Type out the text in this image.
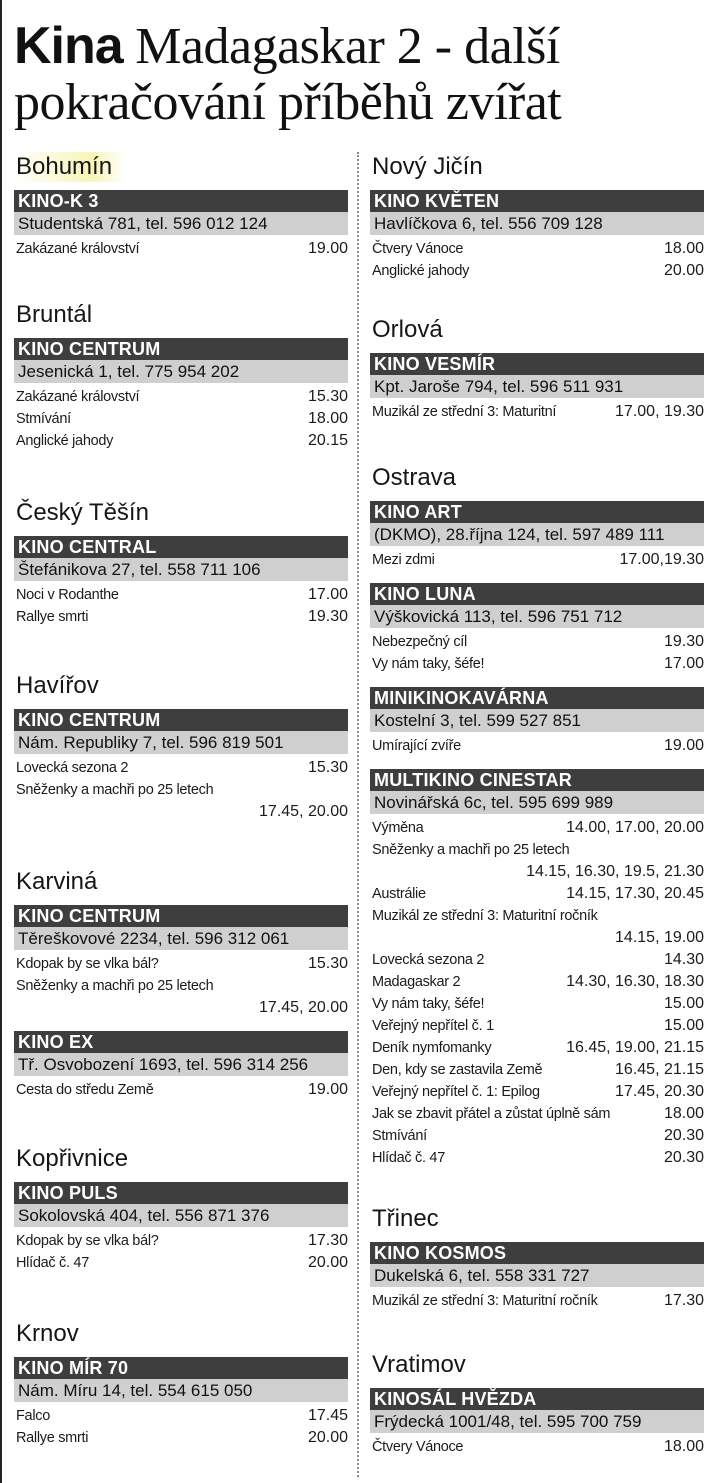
Kina Madagaskar 2 - další
pokračování příběhů zvířat
Bohumín
KINO-K 3
Studentská 781, tel. 596 012 124
Zakázané království	19.00
Bruntál
KINO CENTRUM
Jesenická 1, tel. 775 954 202
Zakázané království	15.30
Stmívání	18.00
Anglické jahody	20.15
Český Těšín
KINO CENTRAL
Štefánikova 27, tel. 558 711 106
Noci v Rodanthe	17.00
Rallye smrti	19.30
Havířov
KINO CENTRUM
Nám. Republiky 7, tel. 596 819 501
Lovecká sezona 2	15.30
Sněženky a machři po 25 letech
17.45, 20.00
Karviná
KINO CENTRUM
Těreškovové 2234, tel. 596 312 061
Kdopak by se vlka bál?	15.30
Sněženky a machři po 25 letech
17.45, 20.00
KINO EX
Tř. Osvobození 1693, tel. 596 314 256
Cesta do středu Země	19.00
Kopřivnice
KINO PULS
Sokolovská 404, tel. 556 871 376
Kdopak by se vlka bál?	17.30
Hlídač č. 47	20.00
Krnov
KINO MÍR 70
Nám. Míru 14, tel. 554 615 050
Falco	17.45
Rallye smrti	20.00
Nový Jičín
KINO KVĚTEN
Havlíčkova 6, tel. 556 709 128
Čtvery Vánoce	18.00
Anglické jahody	20.00
Orlová
KINO VESMÍR
Kpt. Jaroše 794, tel. 596 511 931
Muzikál ze střední 3: Maturitní	17.00, 19.30
Ostrava
KINO ART
(DKMO), 28.října 124, tel. 597 489 111
Mezi zdmi	17.00,19.30
KINO LUNA
Výškovická 113, tel. 596 751 712
Nebezpečný cíl	19.30
Vy nám taky, šéfe!	17.00
MINIKINOKAVÁRNA
Kostelní 3, tel. 599 527 851
Umírající zvíře	19.00
MULTIKINO CINESTAR
Novinářská 6c, tel. 595 699 989
Výměna	14.00, 17.00, 20.00
Sněženky a machři po 25 letech
14.15, 16.30, 19.5, 21.30
Austrálie	14.15, 17.30, 20.45
Muzikál ze střední 3: Maturitní ročník
14.15, 19.00
Lovecká sezona 2	14.30
Madagaskar 2	14.30, 16.30, 18.30
Vy nám taky, šéfe!	15.00
Veřejný nepřítel č. 1	15.00
Deník nymfomanky	16.45, 19.00, 21.15
Den, kdy se zastavila Země	16.45, 21.15
Veřejný nepřítel č. 1: Epilog	17.45, 20.30
Jak se zbavit přátel a zůstat úplně sám	18.00
Stmívání	20.30
Hlídač č. 47	20.30
Třinec
KINO KOSMOS
Dukelská 6, tel. 558 331 727
Muzikál ze střední 3: Maturitní ročník	17.30
Vratimov
KINOSÁL HVĚZDA
Frýdecká 1001/48, tel. 595 700 759
Čtvery Vánoce	18.00
